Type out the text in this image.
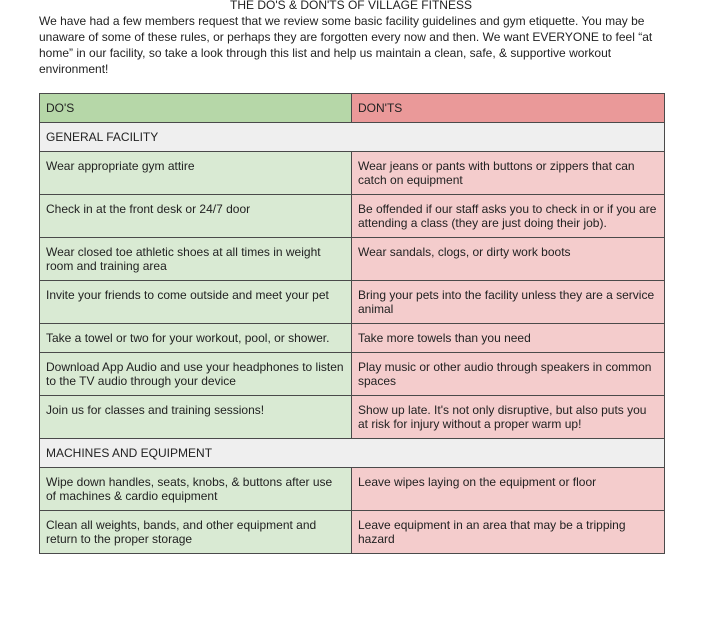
THE DO'S & DON'TS OF VILLAGE FITNESS
We have had a few members request that we review some basic facility guidelines and gym etiquette. You may be unaware of some of these rules, or perhaps they are forgotten every now and then. We want EVERYONE to feel “at home” in our facility, so take a look through this list and help us maintain a clean, safe, & supportive workout environment!
DO'S	DON'TS
GENERAL FACILITY	
Wear appropriate gym attire	Wear jeans or pants with buttons or zippers that can catch on equipment
Check in at the front desk or 24/7 door	Be offended if our staff asks you to check in or if you are attending a class (they are just doing their job).
Wear closed toe athletic shoes at all times in weight room and training area	Wear sandals, clogs, or dirty work boots
Invite your friends to come outside and meet your pet	Bring your pets into the facility unless they are a service animal
Take a towel or two for your workout, pool, or shower.	Take more towels than you need
Download App Audio and use your headphones to listen to the TV audio through your device	Play music or other audio through speakers in common spaces
Join us for classes and training sessions!	Show up late. It's not only disruptive, but also puts you at risk for injury without a proper warm up!
MACHINES AND EQUIPMENT	
Wipe down handles, seats, knobs, & buttons after use of machines & cardio equipment	Leave wipes laying on the equipment or floor
Clean all weights, bands, and other equipment and return to the proper storage	Leave equipment in an area that may be a tripping hazard
